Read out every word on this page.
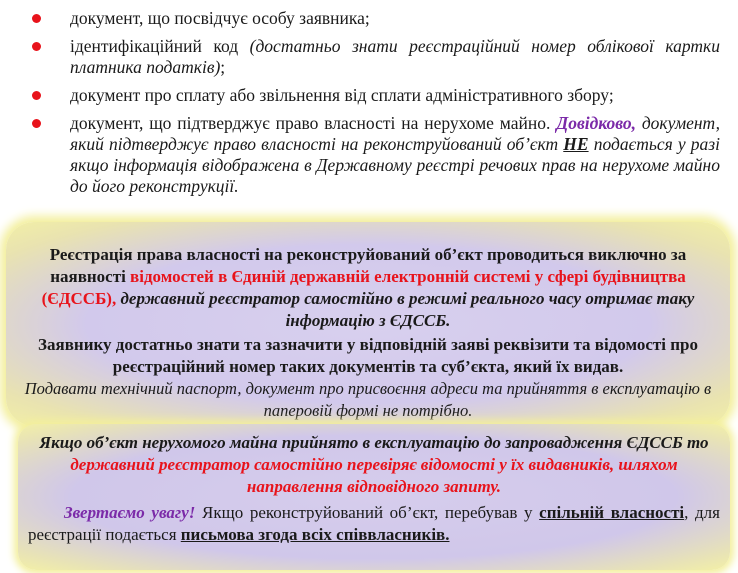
документ, що посвідчує особу заявника;
ідентифікаційний код (достатньо знати реєстраційний номер облікової картки платника податків);
документ про сплату або звільнення від сплати адміністративного збору;
документ, що підтверджує право власності на нерухоме майно. Довідково, документ, який підтверджує право власності на реконструйований об’єкт НЕ подається у разі якщо інформація відображена в Державному реєстрі речових прав на нерухоме майно до його реконструкції.
Реєстрація права власності на реконструйований об’єкт проводиться виключно за наявності відомостей в Єдиній державній електронній системі у сфері будівництва (ЄДССБ), державний реєстратор самостійно в режимі реального часу отримає таку інформацію з ЄДССБ.
Заявнику достатньо знати та зазначити у відповідній заяві реквізити та відомості про реєстраційний номер таких документів та суб’єкта, який їх видав.
Подавати технічний паспорт, документ про присвоєння адреси та прийняття в експлуатацію в паперовій формі не потрібно.
Якщо об’єкт нерухомого майна прийнято в експлуатацію до запровадження ЄДССБ то державний реєстратор самостійно перевіряє відомості у їх видавників, шляхом направлення відповідного запиту.
Звертаємо увагу! Якщо реконструйований об’єкт, перебував у спільній власності, для реєстрації подається письмова згода всіх співвласників.
